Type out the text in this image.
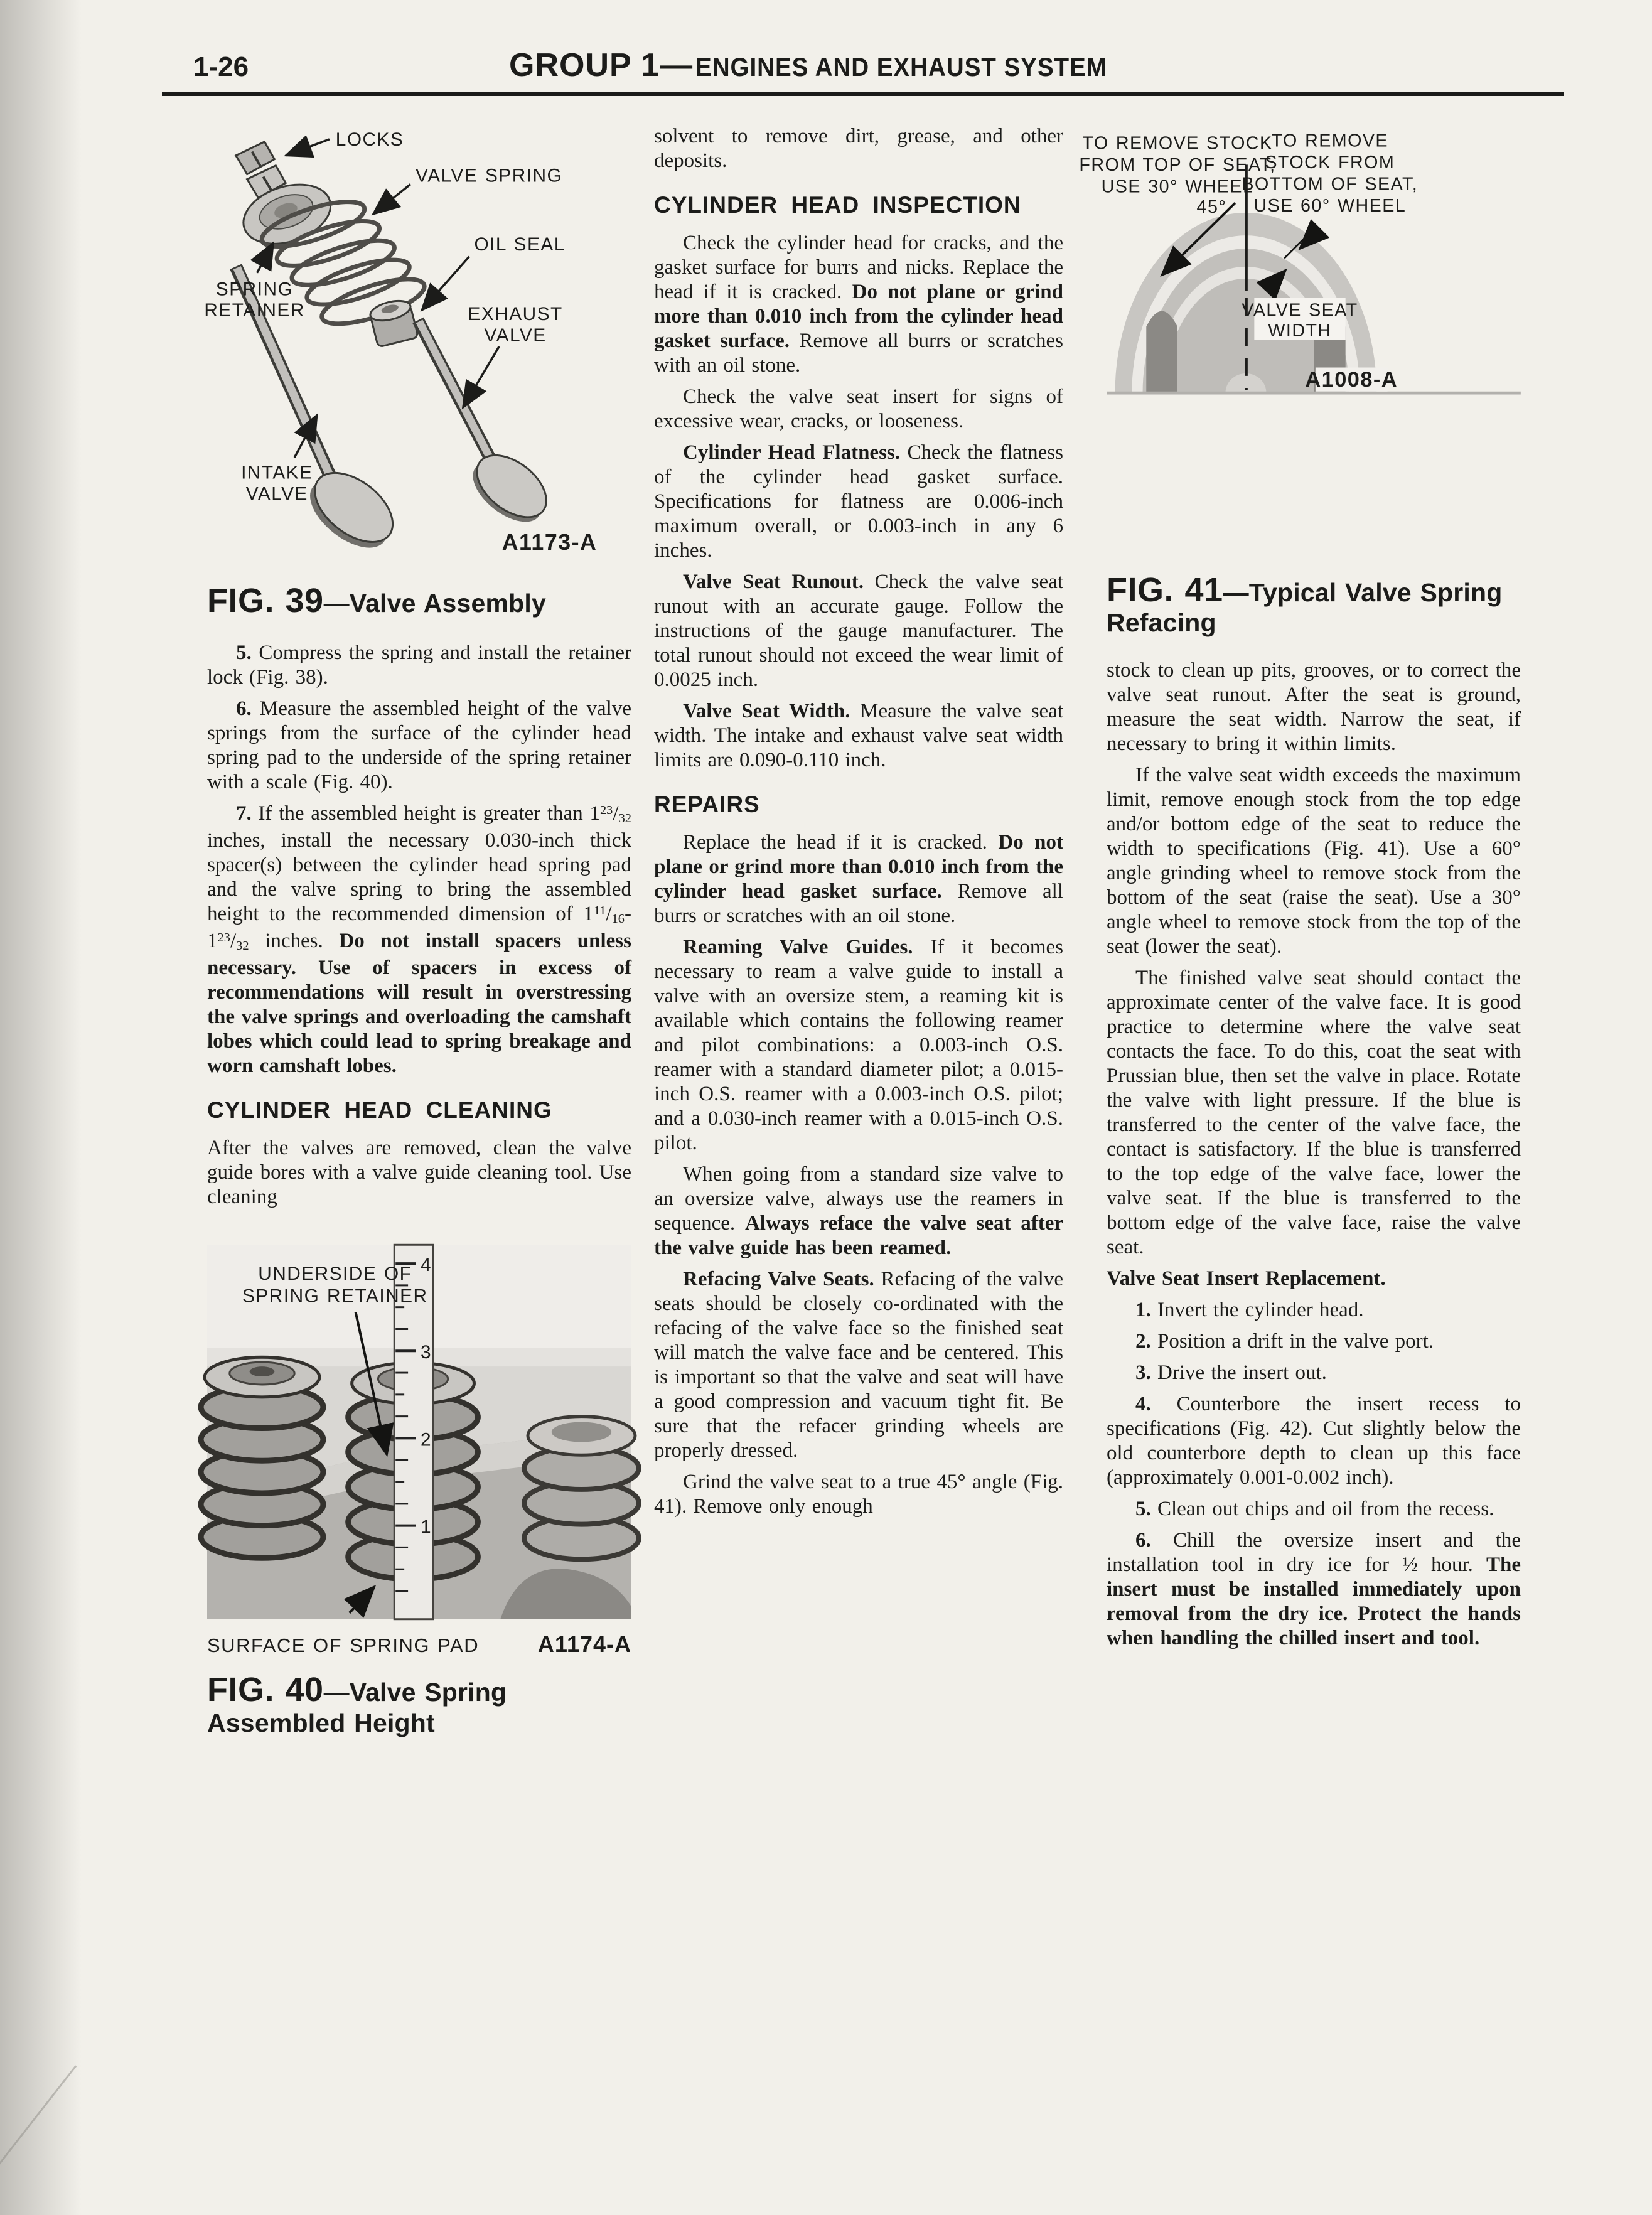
1-26	GROUP 1— ENGINES AND EXHAUST SYSTEM
LOCKS
VALVE SPRING
OIL SEAL
SPRING
RETAINER	EXHAUST
VALVE
INTAKE
VALVE
A1173-A
FIG. 39—Valve Assembly

5. Compress the spring and install the retainer lock (Fig. 38).

6. Measure the assembled height of the valve springs from the surface of the cylinder head spring pad to the underside of the spring retainer with a scale (Fig. 40).

7. If the assembled height is greater than $1^{23}/32$ inches, install the necessary 0.030-inch thick spacer(s) between the cylinder head spring pad and the valve spring to bring the assembled height to the recommended dimension of $1^{11}/16-1^{23}/32$ inches. Do not install spacers unless necessary. Use of spacers in excess of recommendations will result in overstressing the valve springs and overloading the camshaft lobes which could lead to spring breakage and worn camshaft lobes.

CYLINDER HEAD CLEANING

After the valves are removed, clean the valve guide bores with a valve guide cleaning tool. Use cleaning

4
3
2
1
UNDERSIDE OF
SPRING RETAINER
SURFACE OF SPRING PAD	A1174-A
FIG. 40—Valve Spring Assembled Height

solvent to remove dirt, grease, and other deposits.

CYLINDER HEAD INSPECTION

Check the cylinder head for cracks, and the gasket surface for burrs and nicks. Replace the head if it is cracked. Do not plane or grind more than 0.010 inch from the cylinder head gasket surface. Remove all burrs or scratches with an oil stone.

Check the valve seat insert for signs of excessive wear, cracks, or looseness.

Cylinder Head Flatness. Check the flatness of the cylinder head gasket surface. Specifications for flatness are 0.006-inch maximum overall, or 0.003-inch in any 6 inches.

Valve Seat Runout. Check the valve seat runout with an accurate gauge. Follow the instructions of the gauge manufacturer. The total runout should not exceed the wear limit of 0.0025 inch.

Valve Seat Width. Measure the valve seat width. The intake and exhaust valve seat width limits are 0.090-0.110 inch.

REPAIRS

Replace the head if it is cracked. Do not plane or grind more than 0.010 inch from the cylinder head gasket surface. Remove all burrs or scratches with an oil stone.

Reaming Valve Guides. If it becomes necessary to ream a valve guide to install a valve with an oversize stem, a reaming kit is available which contains the following reamer and pilot combinations: a 0.003-inch O.S. reamer with a standard diameter pilot; a 0.015-inch O.S. reamer with a 0.003-inch O.S. pilot; and a 0.030-inch reamer with a 0.015-inch O.S. pilot.

When going from a standard size valve to an oversize valve, always use the reamers in sequence. Always reface the valve seat after the valve guide has been reamed.

Refacing Valve Seats. Refacing of the valve seats should be closely co-ordinated with the refacing of the valve face so the finished seat will match the valve face and be centered. This is important so that the valve and seat will have a good compression and vacuum tight fit. Be sure that the refacer grinding wheels are properly dressed.

Grind the valve seat to a true 45° angle (Fig. 41). Remove only enough

TO REMOVE STOCK
FROM TOP OF SEAT,
USE 30° WHEEL
TO REMOVE
STOCK FROM
BOTTOM OF SEAT,
USE 60° WHEEL
45°
VALVE SEAT
WIDTH
A1008-A
FIG. 41—Typical Valve Spring Refacing

stock to clean up pits, grooves, or to correct the valve seat runout. After the seat is ground, measure the seat width. Narrow the seat, if necessary to bring it within limits.

If the valve seat width exceeds the maximum limit, remove enough stock from the top edge and/or bottom edge of the seat to reduce the width to specifications (Fig. 41). Use a 60° angle grinding wheel to remove stock from the bottom of the seat (raise the seat). Use a 30° angle wheel to remove stock from the top of the seat (lower the seat).

The finished valve seat should contact the approximate center of the valve face. It is good practice to determine where the valve seat contacts the face. To do this, coat the seat with Prussian blue, then set the valve in place. Rotate the valve with light pressure. If the blue is transferred to the center of the valve face, the contact is satisfactory. If the blue is transferred to the top edge of the valve face, lower the valve seat. If the blue is transferred to the bottom edge of the valve face, raise the valve seat.

Valve Seat Insert Replacement.

1. Invert the cylinder head.

2. Position a drift in the valve port.

3. Drive the insert out.

4. Counterbore the insert recess to specifications (Fig. 42). Cut slightly below the old counterbore depth to clean up this face (approximately 0.001-0.002 inch).

5. Clean out chips and oil from the recess.

6. Chill the oversize insert and the installation tool in dry ice for ½ hour. The insert must be installed immediately upon removal from the dry ice. Protect the hands when handling the chilled insert and tool.
